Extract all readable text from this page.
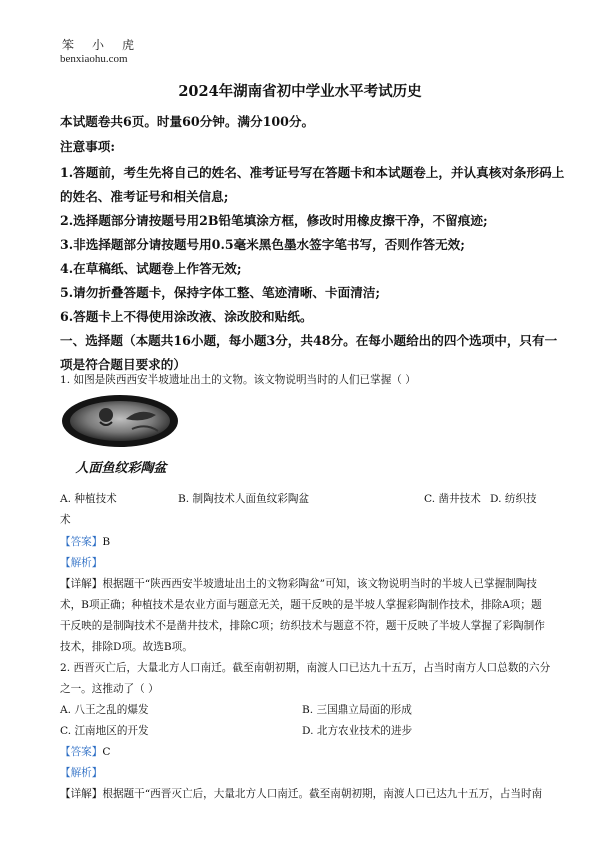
笨小虎
benxiaohu.com
2024年湖南省初中学业水平考试历史
本试题卷共6页。时量60分钟。满分100分。
注意事项:
1.答题前，考生先将自己的姓名、准考证号写在答题卡和本试题卷上，并认真核对条形码上
的姓名、准考证号和相关信息;
2.选择题部分请按题号用2B铅笔填涂方框，修改时用橡皮擦干净，不留痕迹;
3.非选择题部分请按题号用0.5毫米黑色墨水签字笔书写，否则作答无效;
4.在草稿纸、试题卷上作答无效;
5.请勿折叠答题卡，保持字体工整、笔迹清晰、卡面清洁;
6.答题卡上不得使用涂改液、涂改胶和贴纸。
一、选择题（本题共16小题，每小题3分，共48分。在每小题给出的四个选项中，只有一
项是符合题目要求的）
1. 如图是陕西西安半坡遗址出土的文物。该文物说明当时的人们已掌握（ ）
人面鱼纹彩陶盆
A. 种植技术	B. 制陶技术人面鱼纹彩陶盆	C. 凿井技术 D. 纺织技
术
【答案】B
【解析】
【详解】根据题干“陕西西安半坡遗址出土的文物彩陶盆”可知，该文物说明当时的半坡人已掌握制陶技
术，B项正确；种植技术是农业方面与题意无关，题干反映的是半坡人掌握彩陶制作技术，排除A项；题
干反映的是制陶技术不是凿井技术，排除C项；纺织技术与题意不符，题干反映了半坡人掌握了彩陶制作
技术，排除D项。故选B项。
2. 西晋灭亡后，大量北方人口南迁。截至南朝初期，南渡人口已达九十五万，占当时南方人口总数的六分
之一。这推动了（ ）
A. 八王之乱的爆发	B. 三国鼎立局面的形成
C. 江南地区的开发	D. 北方农业技术的进步
【答案】C
【解析】
【详解】根据题干“西晋灭亡后，大量北方人口南迁。截至南朝初期，南渡人口已达九十五万，占当时南
